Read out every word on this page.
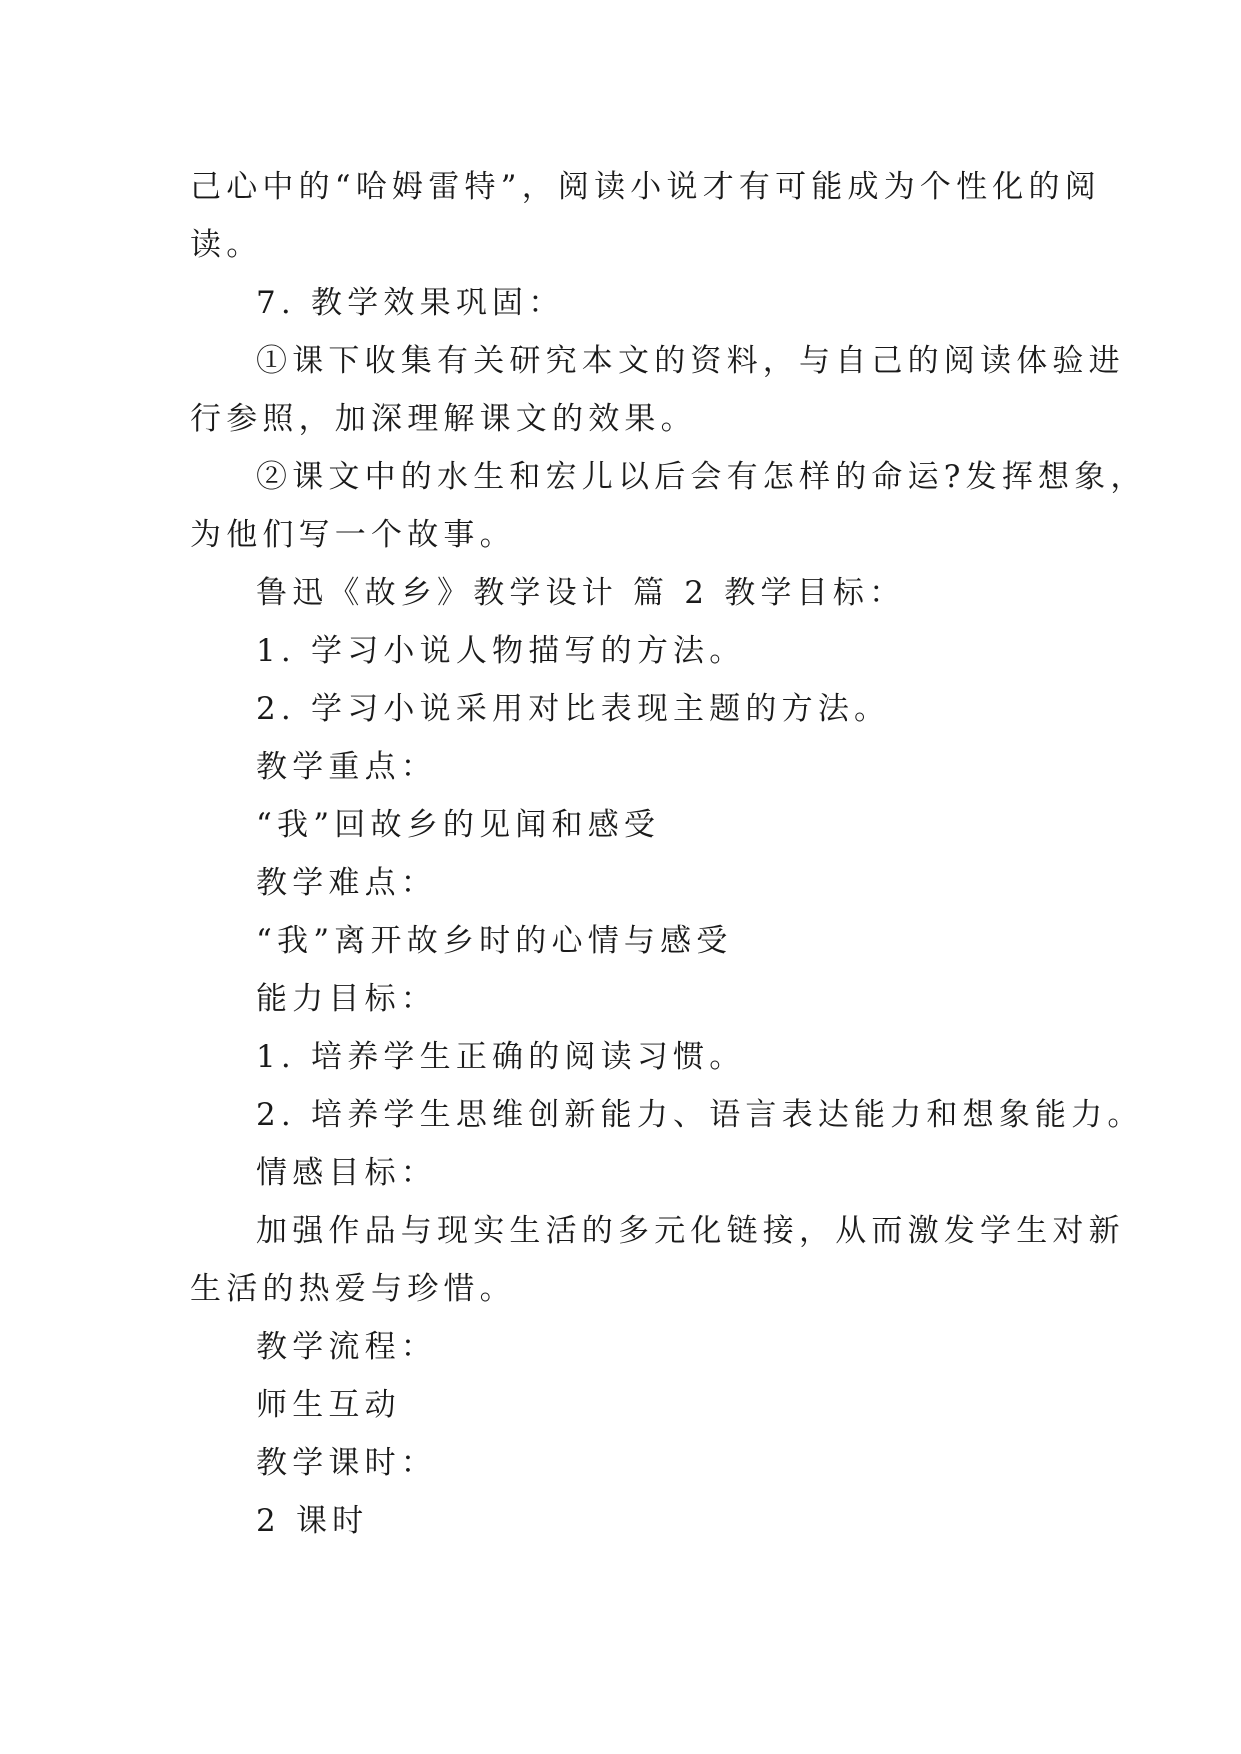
己心中的“哈姆雷特”，阅读小说才有可能成为个性化的阅

读。

7. 教学效果巩固：

①课下收集有关研究本文的资料，与自己的阅读体验进

行参照，加深理解课文的效果。

②课文中的水生和宏儿以后会有怎样的命运?发挥想象，

为他们写一个故事。

鲁迅《故乡》教学设计 篇 2 教学目标：

1. 学习小说人物描写的方法。

2. 学习小说采用对比表现主题的方法。

教学重点：

“我”回故乡的见闻和感受

教学难点：

“我”离开故乡时的心情与感受

能力目标：

1. 培养学生正确的阅读习惯。

2. 培养学生思维创新能力、语言表达能力和想象能力。

情感目标：

加强作品与现实生活的多元化链接，从而激发学生对新

生活的热爱与珍惜。

教学流程：

师生互动

教学课时：

2 课时
